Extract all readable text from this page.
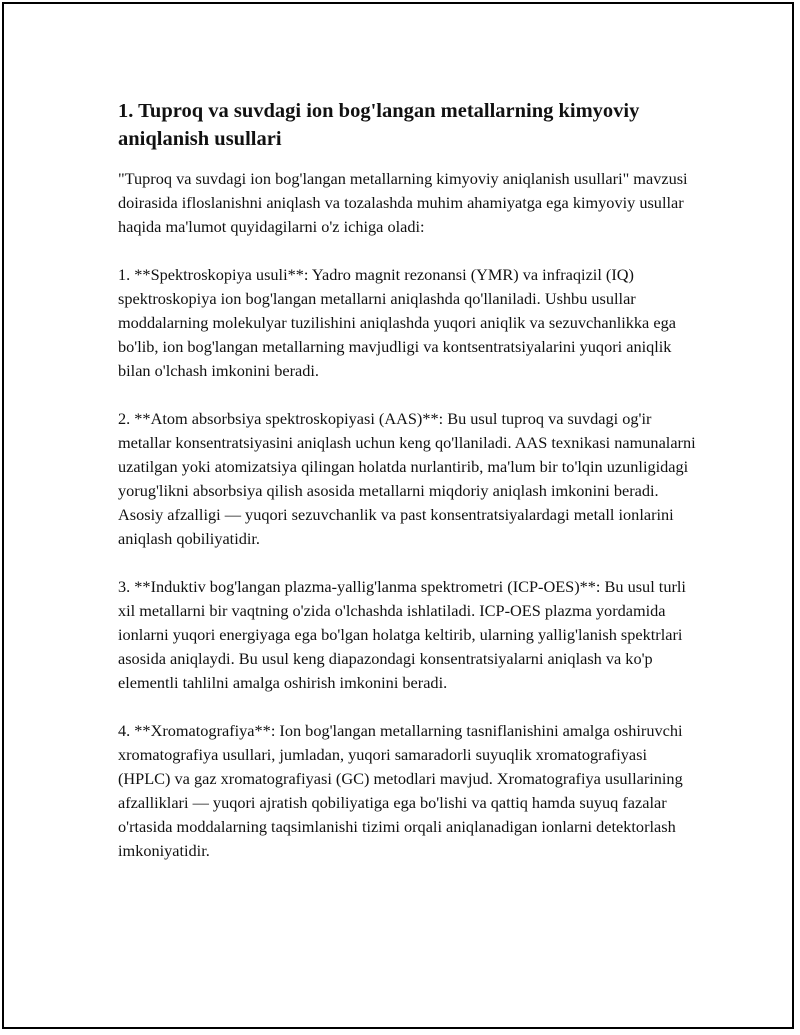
1. Tuproq va suvdagi ion bog'langan metallarning kimyoviy aniqlanish usullari

"Tuproq va suvdagi ion bog'langan metallarning kimyoviy aniqlanish usullari" mavzusi doirasida ifloslanishni aniqlash va tozalashda muhim ahamiyatga ega kimyoviy usullar haqida ma'lumot quyidagilarni o'z ichiga oladi:

1. **Spektroskopiya usuli**: Yadro magnit rezonansi (YMR) va infraqizil (IQ) spektroskopiya ion bog'langan metallarni aniqlashda qo'llaniladi. Ushbu usullar moddalarning molekulyar tuzilishini aniqlashda yuqori aniqlik va sezuvchanlikka ega bo'lib, ion bog'langan metallarning mavjudligi va kontsentratsiyalarini yuqori aniqlik bilan o'lchash imkonini beradi.

2. **Atom absorbsiya spektroskopiyasi (AAS)**: Bu usul tuproq va suvdagi og'ir metallar konsentratsiyasini aniqlash uchun keng qo'llaniladi. AAS texnikasi namunalarni uzatilgan yoki atomizatsiya qilingan holatda nurlantirib, ma'lum bir to'lqin uzunligidagi yorug'likni absorbsiya qilish asosida metallarni miqdoriy aniqlash imkonini beradi. Asosiy afzalligi — yuqori sezuvchanlik va past konsentratsiyalardagi metall ionlarini aniqlash qobiliyatidir.

3. **Induktiv bog'langan plazma-yallig'lanma spektrometri (ICP-OES)**: Bu usul turli xil metallarni bir vaqtning o'zida o'lchashda ishlatiladi. ICP-OES plazma yordamida ionlarni yuqori energiyaga ega bo'lgan holatga keltirib, ularning yallig'lanish spektrlari asosida aniqlaydi. Bu usul keng diapazondagi konsentratsiyalarni aniqlash va ko'p elementli tahlilni amalga oshirish imkonini beradi.

4. **Xromatografiya**: Ion bog'langan metallarning tasniflanishini amalga oshiruvchi xromatografiya usullari, jumladan, yuqori samaradorli suyuqlik xromatografiyasi (HPLC) va gaz xromatografiyasi (GC) metodlari mavjud. Xromatografiya usullarining afzalliklari — yuqori ajratish qobiliyatiga ega bo'lishi va qattiq hamda suyuq fazalar o'rtasida moddalarning taqsimlanishi tizimi orqali aniqlanadigan ionlarni detektorlash imkoniyatidir.
